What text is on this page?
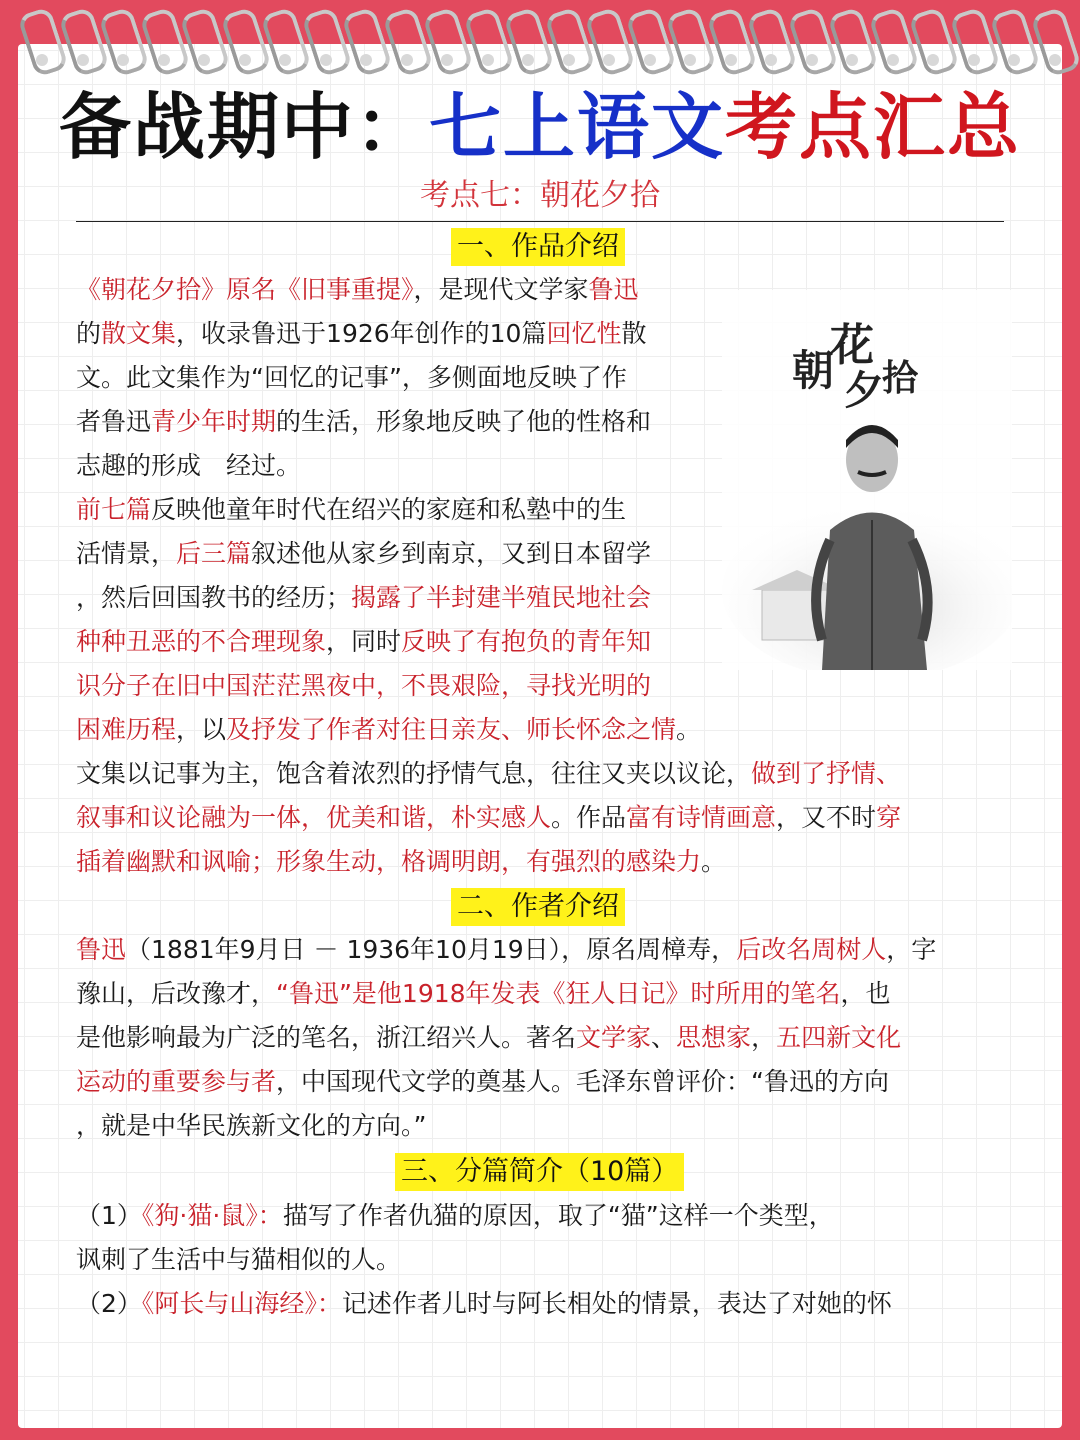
备战期中：七上语文考点汇总
考点七：朝花夕拾
一、作品介绍
《朝花夕拾》原名《旧事重提》，是现代文学家鲁迅
的散文集，收录鲁迅于1926年创作的10篇回忆性散
文。此文集作为“回忆的记事”，多侧面地反映了作
者鲁迅青少年时期的生活，形象地反映了他的性格和
志趣的形成　经过。
前七篇反映他童年时代在绍兴的家庭和私塾中的生
活情景，后三篇叙述他从家乡到南京，又到日本留学
，然后回国教书的经历；揭露了半封建半殖民地社会
种种丑恶的不合理现象，同时反映了有抱负的青年知
识分子在旧中国茫茫黑夜中，不畏艰险，寻找光明的
困难历程，以及抒发了作者对往日亲友、师长怀念之情。
文集以记事为主，饱含着浓烈的抒情气息，往往又夹以议论，做到了抒情、
叙事和议论融为一体，优美和谐，朴实感人。作品富有诗情画意，又不时穿
插着幽默和讽喻；形象生动，格调明朗，有强烈的感染力。
朝
花
夕
拾
二、作者介绍
鲁迅（1881年9月日 － 1936年10月19日），原名周樟寿，后改名周树人，字
豫山，后改豫才，“鲁迅”是他1918年发表《狂人日记》时所用的笔名，也
是他影响最为广泛的笔名，浙江绍兴人。著名文学家、思想家，五四新文化
运动的重要参与者，中国现代文学的奠基人。毛泽东曾评价：“鲁迅的方向
，就是中华民族新文化的方向。”
三、分篇简介（10篇）
（1）《狗·猫·鼠》：描写了作者仇猫的原因，取了“猫”这样一个类型，
讽刺了生活中与猫相似的人。
（2）《阿长与山海经》：记述作者儿时与阿长相处的情景，表达了对她的怀
